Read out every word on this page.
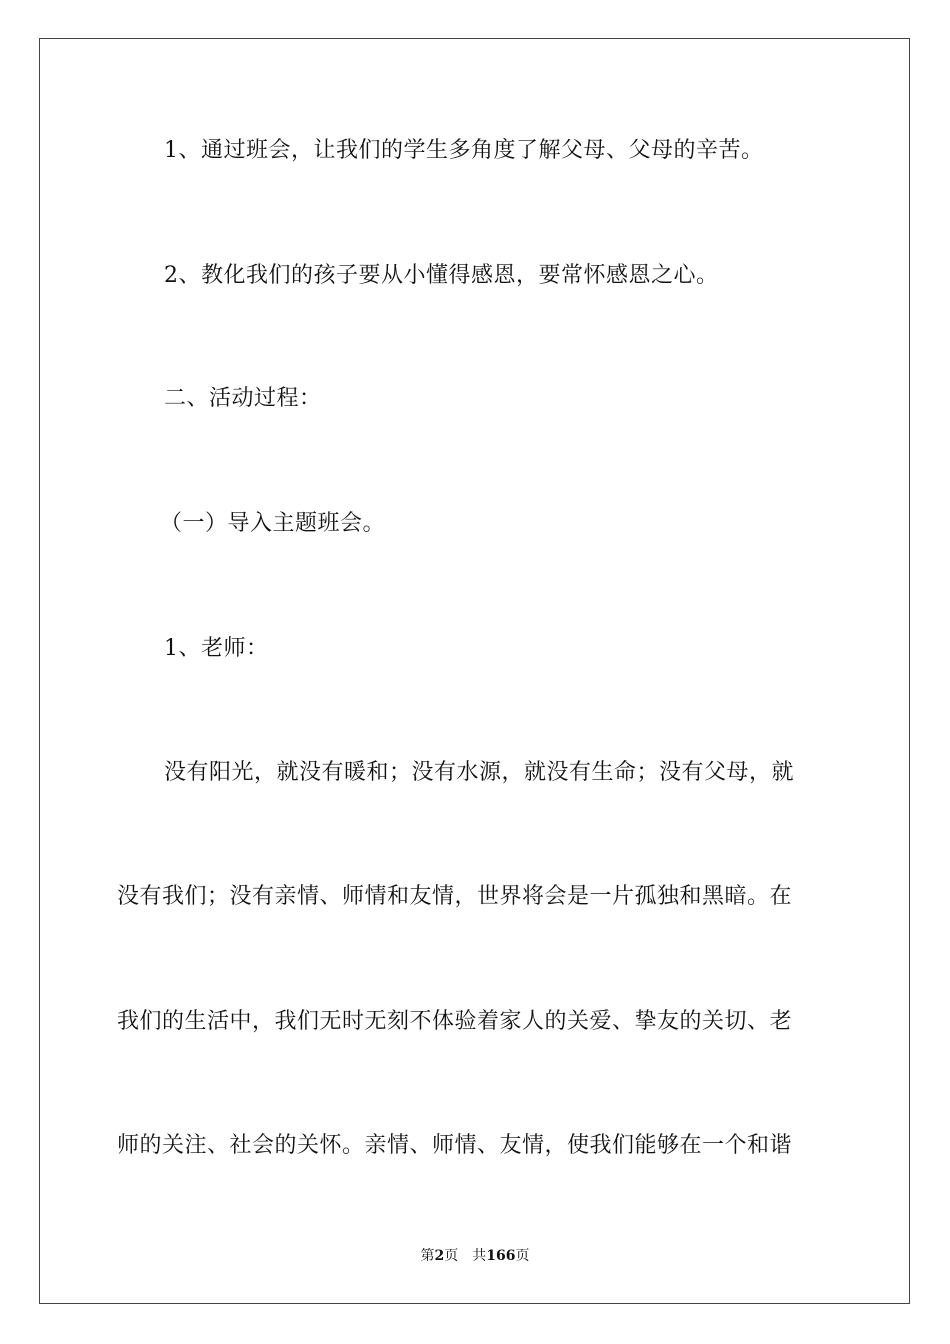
1、通过班会，让我们的学生多角度了解父母、父母的辛苦。
2、教化我们的孩子要从小懂得感恩，要常怀感恩之心。
二、活动过程：
（一）导入主题班会。
1、老师：
没有阳光，就没有暖和；没有水源，就没有生命；没有父母，就
没有我们；没有亲情、师情和友情，世界将会是一片孤独和黑暗。在
我们的生活中，我们无时无刻不体验着家人的关爱、挚友的关切、老
师的关注、社会的关怀。亲情、师情、友情，使我们能够在一个和谐
第2页 共166页
